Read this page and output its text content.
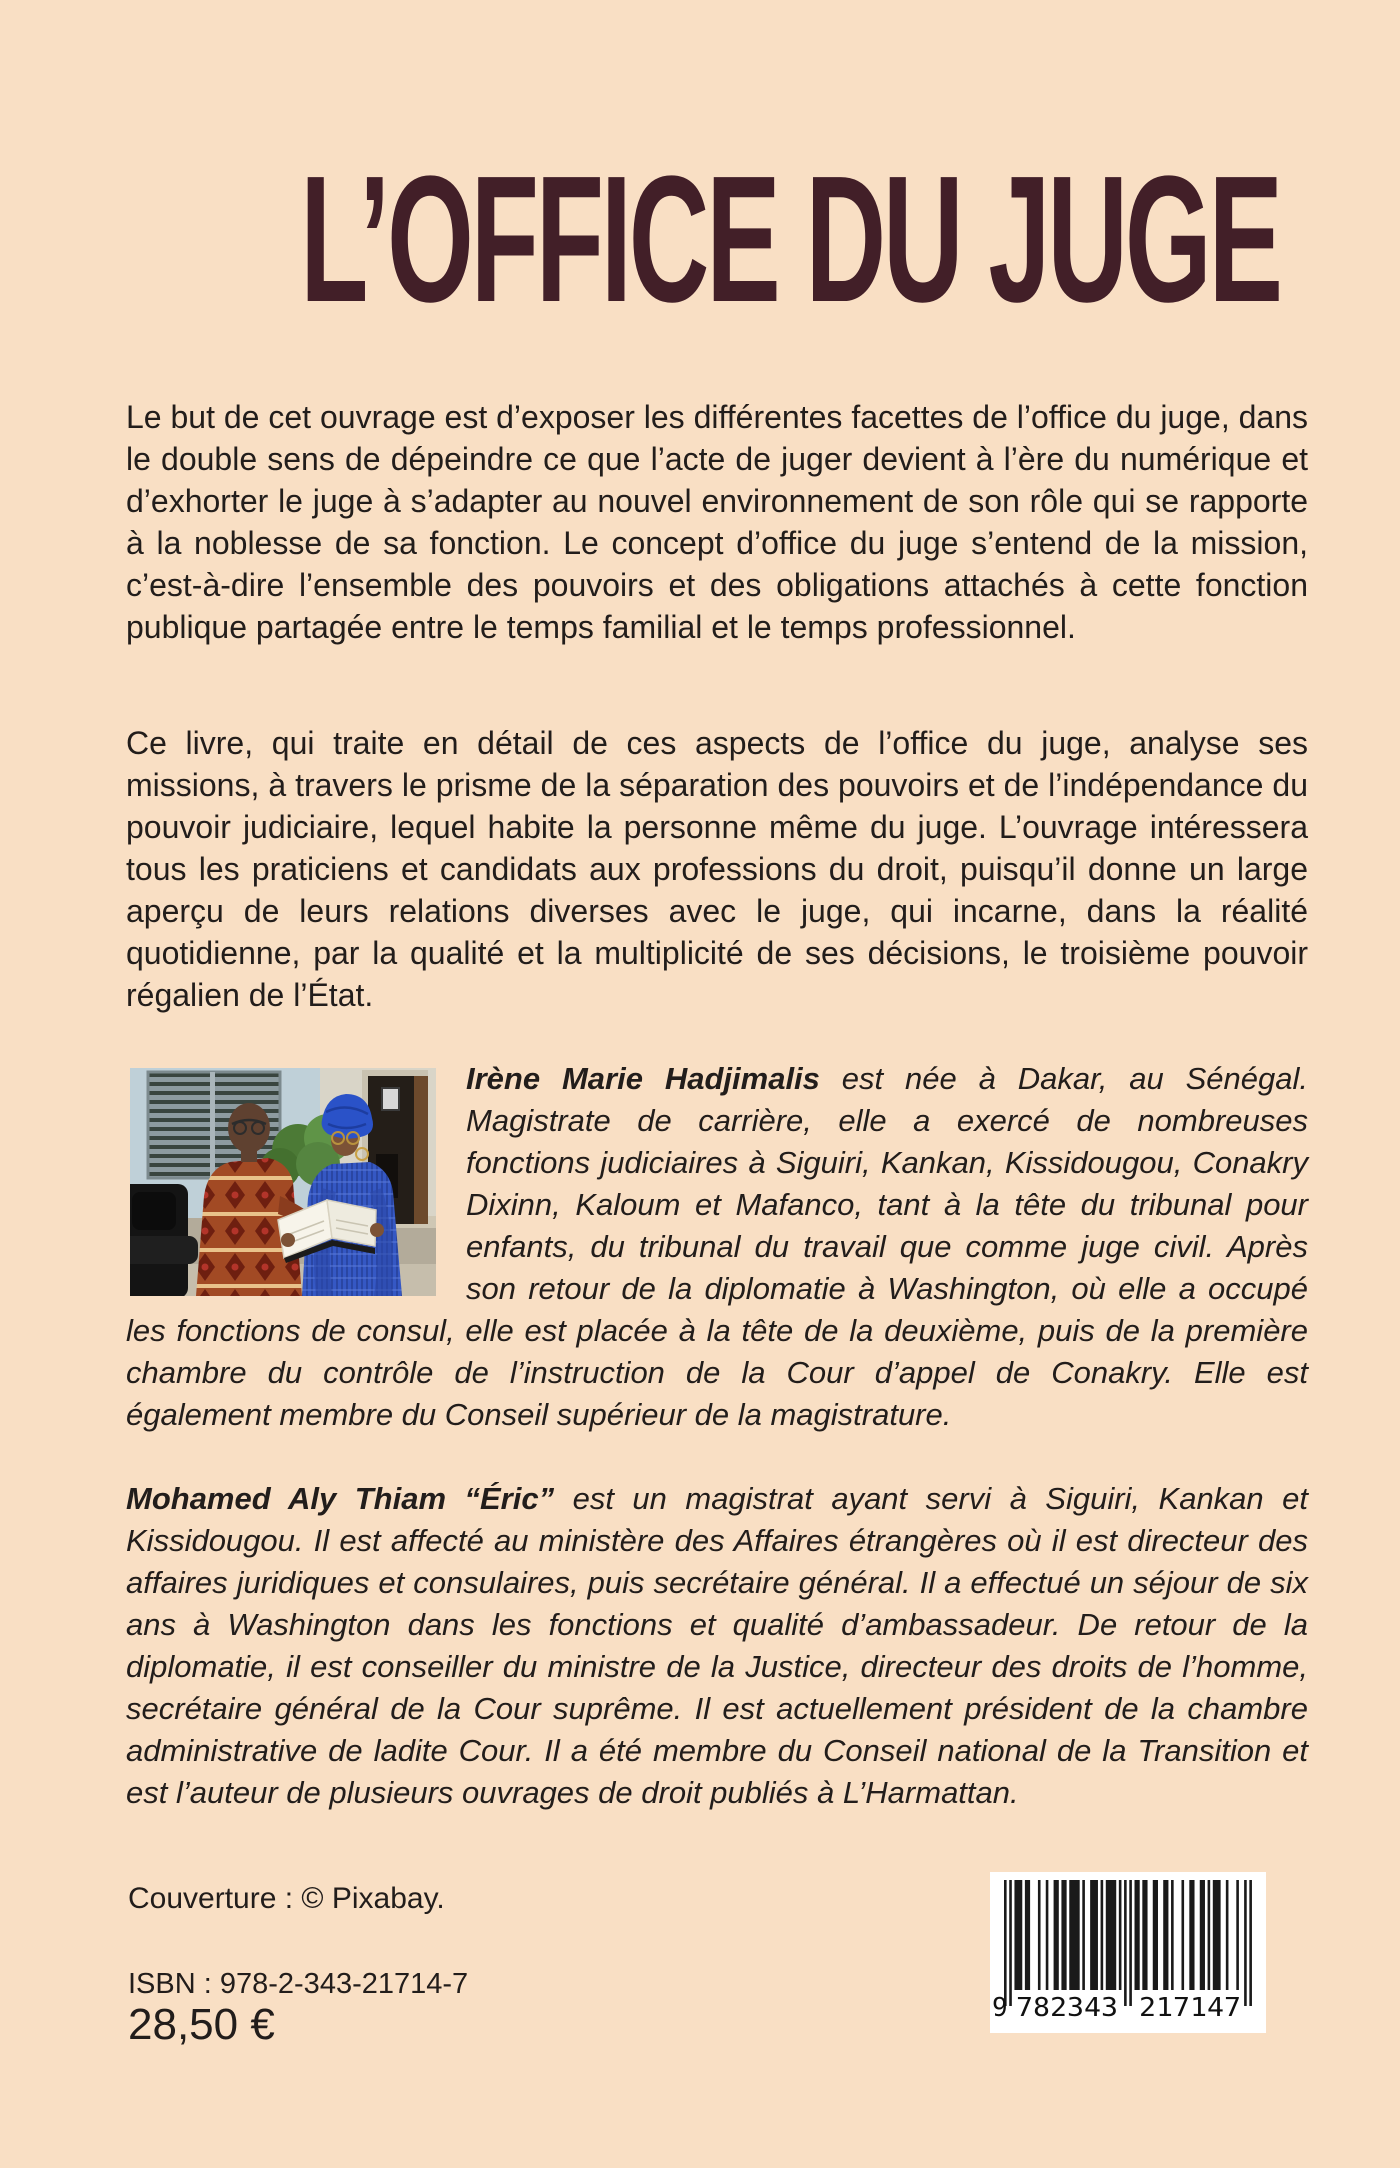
L’OFFICE DU JUGE

Le but de cet ouvrage est d’exposer les différentes facettes de l’office du juge, dans le double sens de dépeindre ce que l’acte de juger devient à l’ère du numérique et d’exhorter le juge à s’adapter au nouvel environnement de son rôle qui se rapporte à la noblesse de sa fonction. Le concept d’office du juge s’entend de la mission, c’est-à-dire l’ensemble des pouvoirs et des obligations attachés à cette fonction publique partagée entre le temps familial et le temps professionnel.

Ce livre, qui traite en détail de ces aspects de l’office du juge, analyse ses missions, à travers le prisme de la séparation des pouvoirs et de l’indépendance du pouvoir judiciaire, lequel habite la personne même du juge. L’ouvrage intéressera tous les praticiens et candidats aux professions du droit, puisqu’il donne un large aperçu de leurs relations diverses avec le juge, qui incarne, dans la réalité quotidienne, par la qualité et la multiplicité de ses décisions, le troisième pouvoir régalien de l’État.

Irène Marie Hadjimalis est née à Dakar, au Sénégal. Magistrate de carrière, elle a exercé de nombreuses fonctions judiciaires à Siguiri, Kankan, Kissidougou, Conakry Dixinn, Kaloum et Mafanco, tant à la tête du tribunal pour enfants, du tribunal du travail que comme juge civil. Après son retour de la diplomatie à Washington, où elle a occupé les fonctions de consul, elle est placée à la tête de la deuxième, puis de la première chambre du contrôle de l’instruction de la Cour d’appel de Conakry. Elle est également membre du Conseil supérieur de la magistrature.
Mohamed Aly Thiam “Éric” est un magistrat ayant servi à Siguiri, Kankan et Kissidougou. Il est affecté au ministère des Affaires étrangères où il est directeur des affaires juridiques et consulaires, puis secrétaire général. Il a effectué un séjour de six ans à Washington dans les fonctions et qualité d’ambassadeur. De retour de la diplomatie, il est conseiller du ministre de la Justice, directeur des droits de l’homme, secrétaire général de la Cour suprême. Il est actuellement président de la chambre administrative de ladite Cour. Il a été membre du Conseil national de la Transition et est l’auteur de plusieurs ouvrages de droit publiés à L’Harmattan.

Couverture : © Pixabay.

ISBN : 978-2-343-21714-7

28,50 €	9 782343 217147
